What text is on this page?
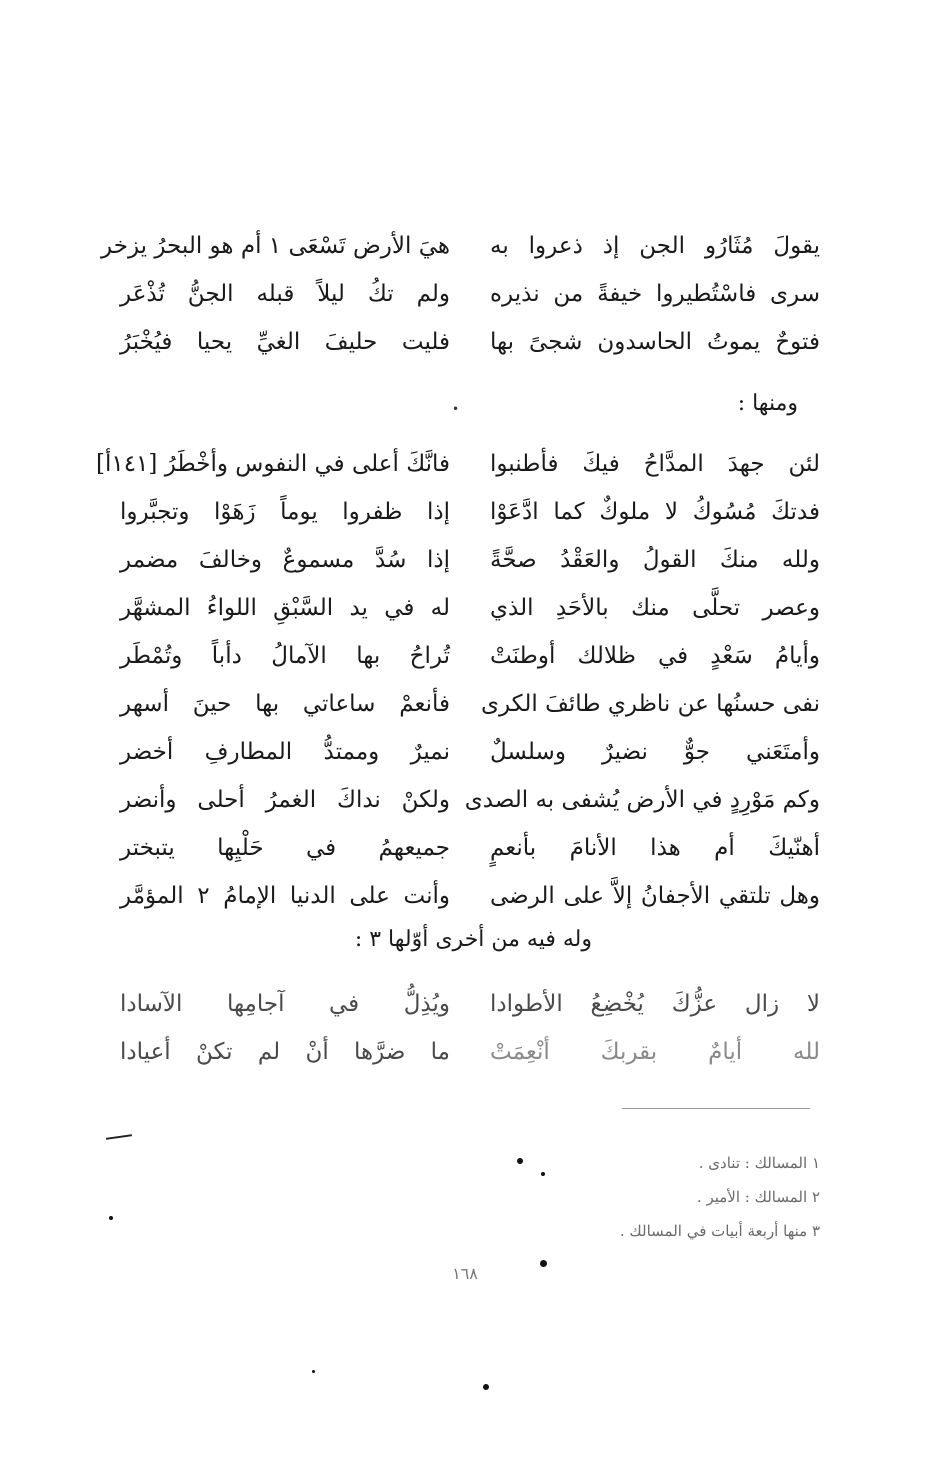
يقولَ مُثَارُو الجن إذ ذعروا به
هيَ الأرض تَسْعَى ١ أم هو البحرُ يزخر
سرى فاسْتُطيروا خيفةً من نذيره
ولم تكُ ليلاً قبله الجنُّ تُذْعَر
فتوحٌ يموتُ الحاسدون شجىً بها
فليت حليفَ الغيِّ يحيا فيُخْبَرُ
ومنها :
•
لئن جهدَ المدَّاحُ فيكَ فأطنبوا
فانَّكَ أعلى في النفوس وأخْطَرُ [١٤١أ]
فدتكَ مُسُوكُ لا ملوكٌ كما ادَّعَوْا
إذا ظفروا يوماً زَهَوْا وتجبَّروا
ولله منكَ القولُ والعَقْدُ صحَّةً
إذا سُدَّ مسموعٌ وخالفَ مضمر
وعصر تحلَّى منك بالأحَدِ الذي
له في يد السَّبْقِ اللواءُ المشهَّر
وأيامُ سَعْدٍ في ظلالك أوطنَتْ
تُراحُ بها الآمالُ دأباً وتُمْطَر
نفى حسنُها عن ناظري طائفَ الكرى
فأنعمْ ساعاتي بها حينَ أسهر
وأمتَعَني جوٌّ نضيرٌ وسلسلٌ
نميرٌ وممتدُّ المطارفِ أخضر
وكم مَوْرِدٍ في الأرض يُشفى به الصدى
ولكنْ نداكَ الغمرُ أحلى وأنضر
أهنّيكَ أم هذا الأنامَ بأنعمٍ
جميعهمُ في حَلْيِها يتبختر
وهل تلتقي الأجفانُ إلاَّ على الرضى
وأنت على الدنيا الإمامُ ٢ المؤمَّر
وله فيه من أخرى أوّلها ٣ :
لا زال عزُّكَ يُخْضِعُ الأطوادا
ويُذِلُّ في آجامِها الآسادا
لله أيامٌ بقربكَ أنْعِمَتْ
ما ضرَّها أنْ لم تكنْ أعيادا
١ المسالك : تنادى .
٢ المسالك : الأمير .
٣ منها أربعة أبيات في المسالك .
١٦٨
